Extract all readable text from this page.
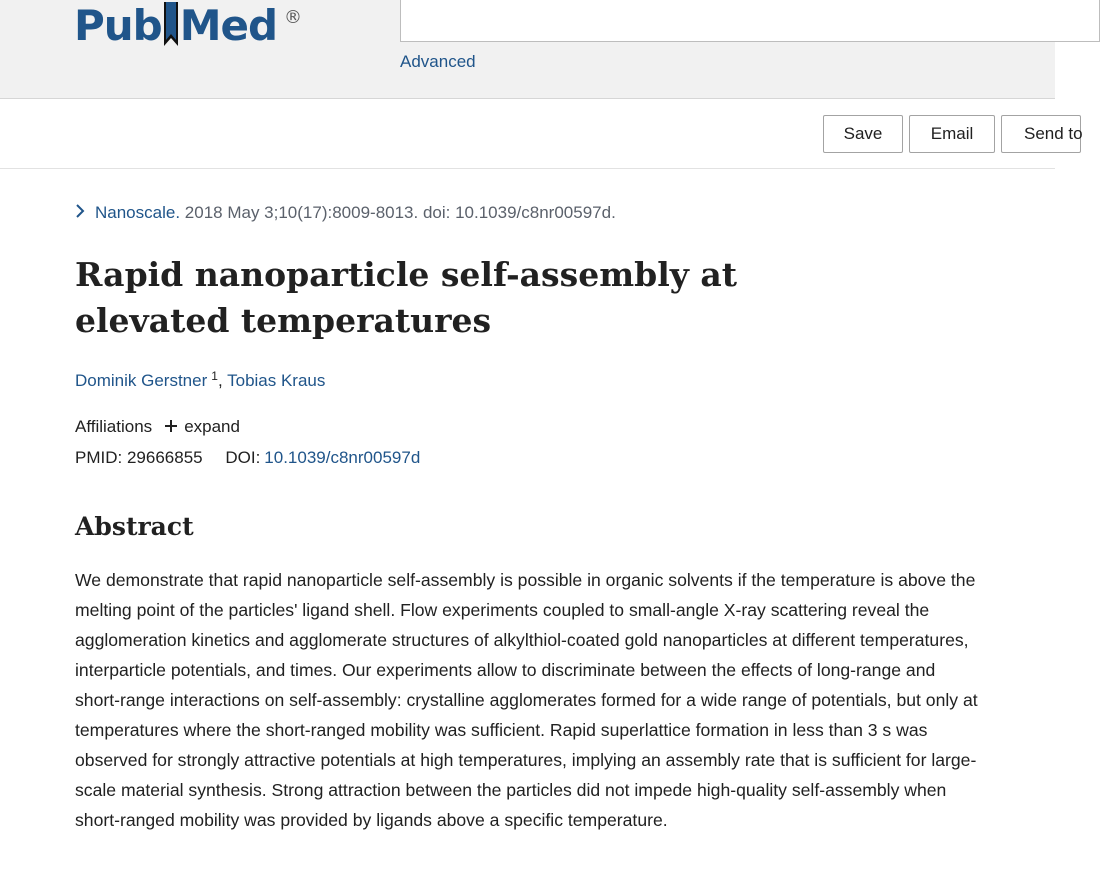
Pub Med ®
Advanced
Save	Email	Send to
Nanoscale. 2018 May 3;10(17):8009-8013. doi: 10.1039/c8nr00597d.
Rapid nanoparticle self-assembly at elevated temperatures
Dominik Gerstner $^1$, Tobias Kraus
Affiliations expand
PMID: 29666855 DOI: 10.1039/c8nr00597d
Abstract

We demonstrate that rapid nanoparticle self-assembly is possible in organic solvents if the temperature is above the melting point of the particles' ligand shell. Flow experiments coupled to small-angle X-ray scattering reveal the agglomeration kinetics and agglomerate structures of alkylthiol-coated gold nanoparticles at different temperatures, interparticle potentials, and times. Our experiments allow to discriminate between the effects of long-range and short-range interactions on self-assembly: crystalline agglomerates formed for a wide range of potentials, but only at temperatures where the short-ranged mobility was sufficient. Rapid superlattice formation in less than 3 s was observed for strongly attractive potentials at high temperatures, implying an assembly rate that is sufficient for large-scale material synthesis. Strong attraction between the particles did not impede high-quality self-assembly when short-ranged mobility was provided by ligands above a specific temperature.
